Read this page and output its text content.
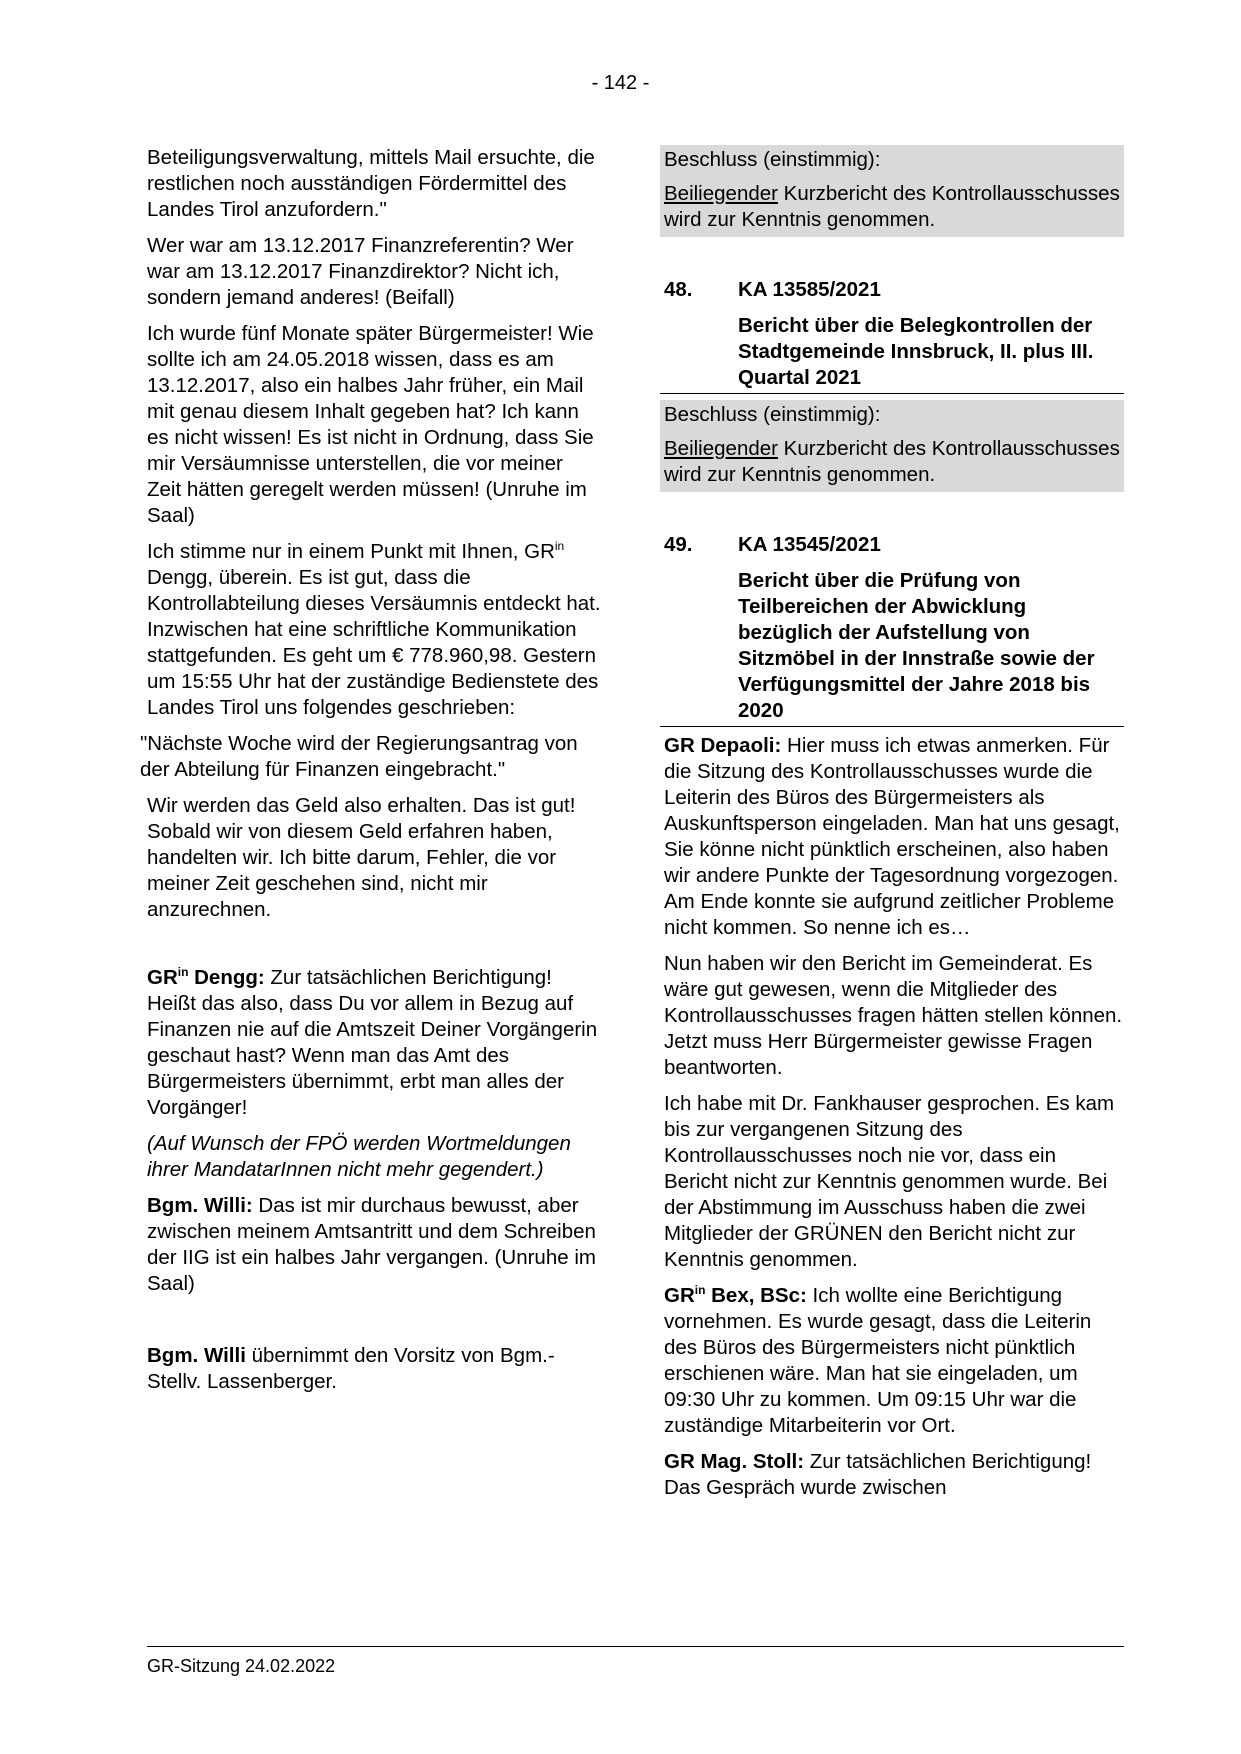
- 142 -

Beteiligungsverwaltung, mittels Mail ersuchte, die restlichen noch ausständigen Fördermittel des Landes Tirol anzufordern."

Wer war am 13.12.2017 Finanzreferentin? Wer war am 13.12.2017 Finanzdirektor? Nicht ich, sondern jemand anderes! (Beifall)

Ich wurde fünf Monate später Bürgermeister! Wie sollte ich am 24.05.2018 wissen, dass es am 13.12.2017, also ein halbes Jahr früher, ein Mail mit genau diesem Inhalt gegeben hat? Ich kann es nicht wissen! Es ist nicht in Ordnung, dass Sie mir Versäumnisse unterstellen, die vor meiner Zeit hätten geregelt werden müssen! (Unruhe im Saal)

Ich stimme nur in einem Punkt mit Ihnen, $GR^{in}$ Dengg, überein. Es ist gut, dass die Kontrollabteilung dieses Versäumnis entdeckt hat. Inzwischen hat eine schriftliche Kommunikation stattgefunden. Es geht um € 778.960,98. Gestern um 15:55 Uhr hat der zuständige Bedienstete des Landes Tirol uns folgendes geschrieben:

"Nächste Woche wird der Regierungsantrag von der Abteilung für Finanzen eingebracht."

Wir werden das Geld also erhalten. Das ist gut! Sobald wir von diesem Geld erfahren haben, handelten wir. Ich bitte darum, Fehler, die vor meiner Zeit geschehen sind, nicht mir anzurechnen.

$GR^{in}$ Dengg: Zur tatsächlichen Berichtigung! Heißt das also, dass Du vor allem in Bezug auf Finanzen nie auf die Amtszeit Deiner Vorgängerin geschaut hast? Wenn man das Amt des Bürgermeisters übernimmt, erbt man alles der Vorgänger!

(Auf Wunsch der FPÖ werden Wortmeldungen ihrer MandatarInnen nicht mehr gegendert.)

Bgm. Willi: Das ist mir durchaus bewusst, aber zwischen meinem Amtsantritt und dem Schreiben der IIG ist ein halbes Jahr vergangen. (Unruhe im Saal)

Bgm. Willi übernimmt den Vorsitz von Bgm.-Stellv. Lassenberger.

Beschluss (einstimmig):

Beiliegender Kurzbericht des Kontrollausschusses wird zur Kenntnis genommen.

48.	KA 13585/2021
Bericht über die Belegkontrollen der Stadtgemeinde Innsbruck, II. plus III. Quartal 2021

Beschluss (einstimmig):

Beiliegender Kurzbericht des Kontrollausschusses wird zur Kenntnis genommen.

49.	KA 13545/2021
Bericht über die Prüfung von Teilbereichen der Abwicklung bezüglich der Aufstellung von Sitzmöbel in der Innstraße sowie der Verfügungsmittel der Jahre 2018 bis 2020

GR Depaoli: Hier muss ich etwas anmerken. Für die Sitzung des Kontrollausschusses wurde die Leiterin des Büros des Bürgermeisters als Auskunftsperson eingeladen. Man hat uns gesagt, Sie könne nicht pünktlich erscheinen, also haben wir andere Punkte der Tagesordnung vorgezogen. Am Ende konnte sie aufgrund zeitlicher Probleme nicht kommen. So nenne ich es…

Nun haben wir den Bericht im Gemeinderat. Es wäre gut gewesen, wenn die Mitglieder des Kontrollausschusses fragen hätten stellen können. Jetzt muss Herr Bürgermeister gewisse Fragen beantworten.

Ich habe mit Dr. Fankhauser gesprochen. Es kam bis zur vergangenen Sitzung des Kontrollausschusses noch nie vor, dass ein Bericht nicht zur Kenntnis genommen wurde. Bei der Abstimmung im Ausschuss haben die zwei Mitglieder der GRÜNEN den Bericht nicht zur Kenntnis genommen.

$GR^{in}$ Bex, BSc: Ich wollte eine Berichtigung vornehmen. Es wurde gesagt, dass die Leiterin des Büros des Bürgermeisters nicht pünktlich erschienen wäre. Man hat sie eingeladen, um 09:30 Uhr zu kommen. Um 09:15 Uhr war die zuständige Mitarbeiterin vor Ort.

GR Mag. Stoll: Zur tatsächlichen Berichtigung! Das Gespräch wurde zwischen

GR-Sitzung 24.02.2022
